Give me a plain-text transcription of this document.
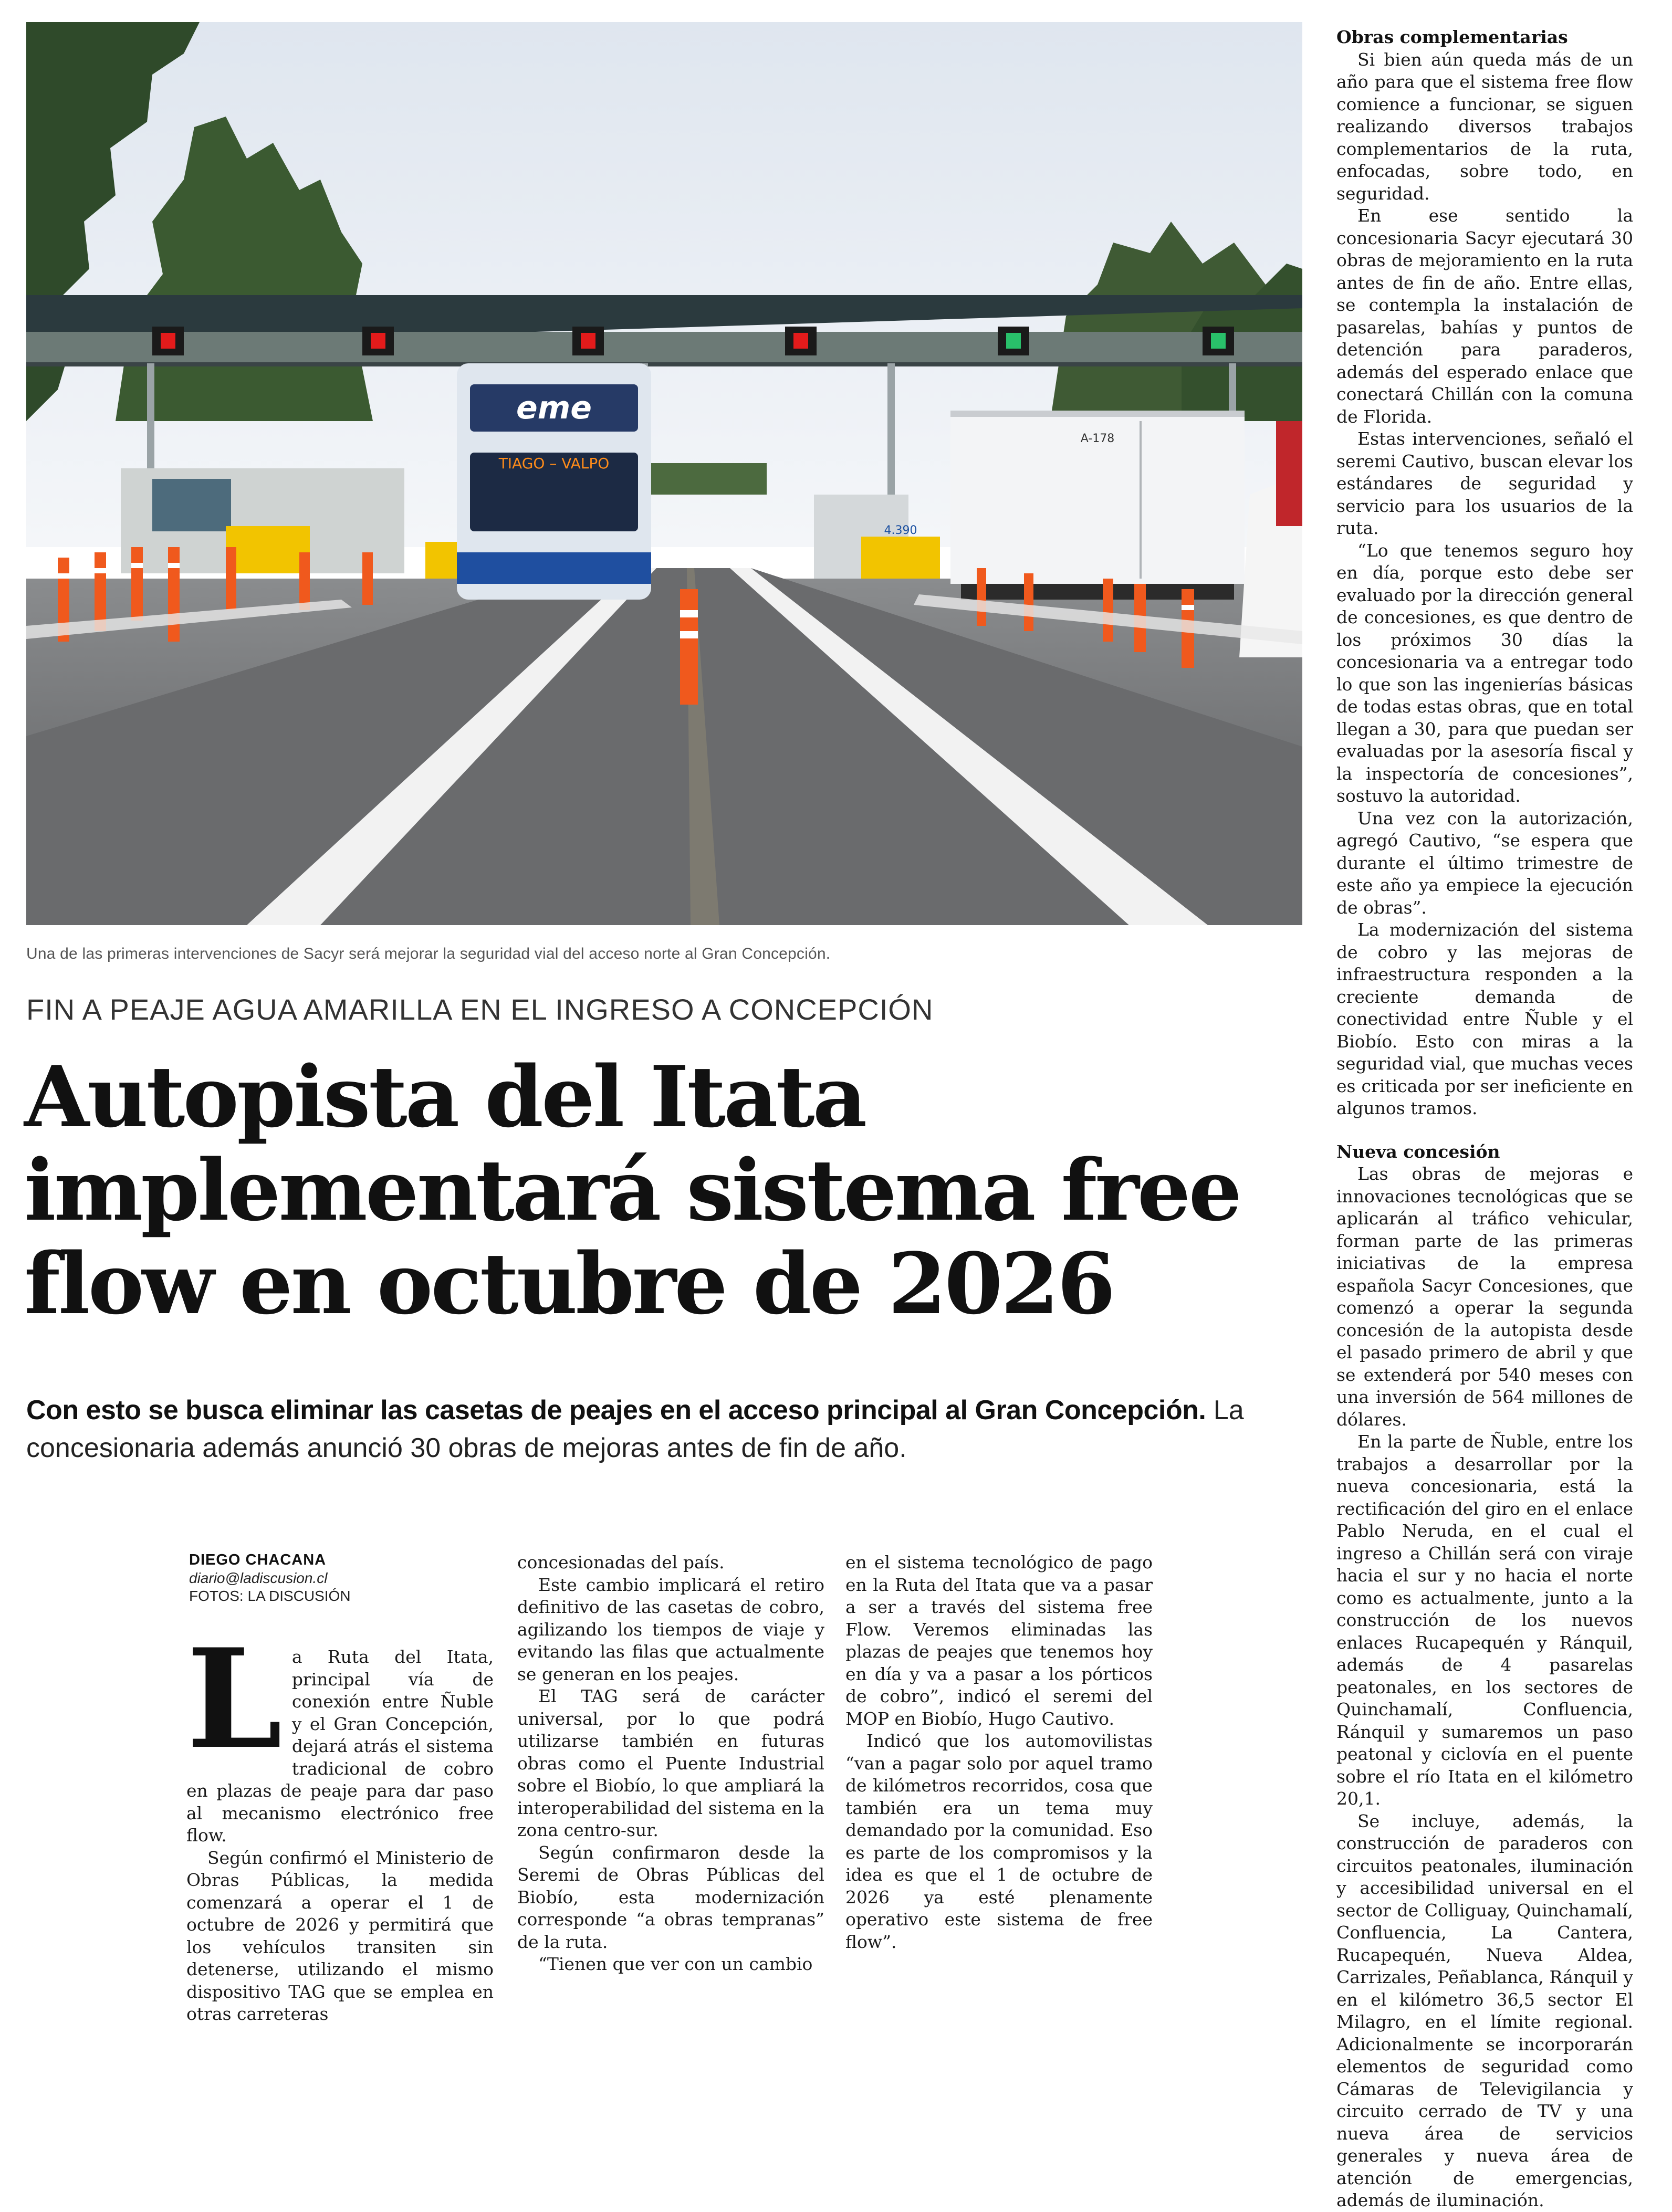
eme
TIAGO – VALPO
4.390
A-178
Una de las primeras intervenciones de Sacyr será mejorar la seguridad vial del acceso norte al Gran Concepción.
FIN A PEAJE AGUA AMARILLA EN EL INGRESO A CONCEPCIÓN
Autopista del Itata
implementará sistema free
flow en octubre de 2026
Con esto se busca eliminar las casetas de peajes en el acceso principal al Gran Concepción. La concesionaria además anunció 30 obras de mejoras antes de fin de año.
DIEGO CHACANA
diario@ladiscusion.cl
FOTOS: LA DISCUSIÓN
L a Ruta del Itata, principal vía de conexión entre Ñuble y el Gran Concepción, dejará atrás el sistema tradicional de cobro en plazas de peaje para dar paso al mecanismo electrónico free flow.

Según confirmó el Ministerio de Obras Públicas, la medida comenzará a operar el 1 de octubre de 2026 y permitirá que los vehículos transiten sin detenerse, utilizando el mismo dispositivo TAG que se emplea en otras carreteras

concesionadas del país.

Este cambio implicará el retiro definitivo de las casetas de cobro, agilizando los tiempos de viaje y evitando las filas que actualmente se generan en los peajes.

El TAG será de carácter universal, por lo que podrá utilizarse también en futuras obras como el Puente Industrial sobre el Biobío, lo que ampliará la interoperabilidad del sistema en la zona centro-sur.

Según confirmaron desde la Seremi de Obras Públicas del Biobío, esta modernización corresponde “a obras tempranas” de la ruta.

“Tienen que ver con un cambio

en el sistema tecnológico de pago en la Ruta del Itata que va a pasar a ser a través del sistema free Flow. Veremos eliminadas las plazas de peajes que tenemos hoy en día y va a pasar a los pórticos de cobro”, indicó el seremi del MOP en Biobío, Hugo Cautivo.

Indicó que los automovilistas “van a pagar solo por aquel tramo de kilómetros recorridos, cosa que también era un tema muy demandado por la comunidad. Eso es parte de los compromisos y la idea es que el 1 de octubre de 2026 ya esté plenamente operativo este sistema de free flow”.

Obras complementarias

Si bien aún queda más de un año para que el sistema free flow comience a funcionar, se siguen realizando diversos trabajos complementarios de la ruta, enfocadas, sobre todo, en seguridad.

En ese sentido la concesionaria Sacyr ejecutará 30 obras de mejoramiento en la ruta antes de fin de año. Entre ellas, se contempla la instalación de pasarelas, bahías y puntos de detención para paraderos, además del esperado enlace que conectará Chillán con la comuna de Florida.

Estas intervenciones, señaló el seremi Cautivo, buscan elevar los estándares de seguridad y servicio para los usuarios de la ruta.

“Lo que tenemos seguro hoy en día, porque esto debe ser evaluado por la dirección general de concesiones, es que dentro de los próximos 30 días la concesionaria va a entregar todo lo que son las ingenierías básicas de todas estas obras, que en total llegan a 30, para que puedan ser evaluadas por la asesoría fiscal y la inspectoría de concesiones”, sostuvo la autoridad.

Una vez con la autorización, agregó Cautivo, “se espera que durante el último trimestre de este año ya empiece la ejecución de obras”.

La modernización del sistema de cobro y las mejoras de infraestructura responden a la creciente demanda de conectividad entre Ñuble y el Biobío. Esto con miras a la seguridad vial, que muchas veces es criticada por ser ineficiente en algunos tramos.

Nueva concesión

Las obras de mejoras e innovaciones tecnológicas que se aplicarán al tráfico vehicular, forman parte de las primeras iniciativas de la empresa española Sacyr Concesiones, que comenzó a operar la segunda concesión de la autopista desde el pasado primero de abril y que se extenderá por 540 meses con una inversión de 564 millones de dólares.

En la parte de Ñuble, entre los trabajos a desarrollar por la nueva concesionaria, está la rectificación del giro en el enlace Pablo Neruda, en el cual el ingreso a Chillán será con viraje hacia el sur y no hacia el norte como es actualmente, junto a la construcción de los nuevos enlaces Rucapequén y Ránquil, además de 4 pasarelas peatonales, en los sectores de Quinchamalí, Confluencia, Ránquil y sumaremos un paso peatonal y ciclovía en el puente sobre el río Itata en el kilómetro 20,1.

Se incluye, además, la construcción de paraderos con circuitos peatonales, iluminación y accesibilidad universal en el sector de Colliguay, Quinchamalí, Confluencia, La Cantera, Rucapequén, Nueva Aldea, Carrizales, Peñablanca, Ránquil y en el kilómetro 36,5 sector El Milagro, en el límite regional. Adicionalmente se incorporarán elementos de seguridad como Cámaras de Televigilancia y circuito cerrado de TV y una nueva área de servicios generales y nueva área de atención de emergencias, además de iluminación.
